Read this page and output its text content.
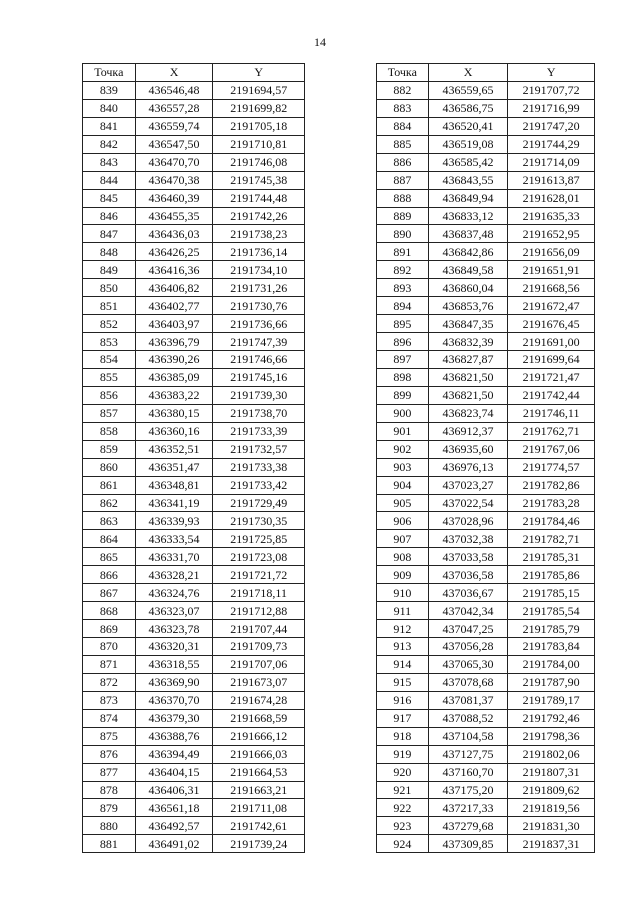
14
Точка	X	Y
839	436546,48	2191694,57
840	436557,28	2191699,82
841	436559,74	2191705,18
842	436547,50	2191710,81
843	436470,70	2191746,08
844	436470,38	2191745,38
845	436460,39	2191744,48
846	436455,35	2191742,26
847	436436,03	2191738,23
848	436426,25	2191736,14
849	436416,36	2191734,10
850	436406,82	2191731,26
851	436402,77	2191730,76
852	436403,97	2191736,66
853	436396,79	2191747,39
854	436390,26	2191746,66
855	436385,09	2191745,16
856	436383,22	2191739,30
857	436380,15	2191738,70
858	436360,16	2191733,39
859	436352,51	2191732,57
860	436351,47	2191733,38
861	436348,81	2191733,42
862	436341,19	2191729,49
863	436339,93	2191730,35
864	436333,54	2191725,85
865	436331,70	2191723,08
866	436328,21	2191721,72
867	436324,76	2191718,11
868	436323,07	2191712,88
869	436323,78	2191707,44
870	436320,31	2191709,73
871	436318,55	2191707,06
872	436369,90	2191673,07
873	436370,70	2191674,28
874	436379,30	2191668,59
875	436388,76	2191666,12
876	436394,49	2191666,03
877	436404,15	2191664,53
878	436406,31	2191663,21
879	436561,18	2191711,08
880	436492,57	2191742,61
881	436491,02	2191739,24
Точка	X	Y
882	436559,65	2191707,72
883	436586,75	2191716,99
884	436520,41	2191747,20
885	436519,08	2191744,29
886	436585,42	2191714,09
887	436843,55	2191613,87
888	436849,94	2191628,01
889	436833,12	2191635,33
890	436837,48	2191652,95
891	436842,86	2191656,09
892	436849,58	2191651,91
893	436860,04	2191668,56
894	436853,76	2191672,47
895	436847,35	2191676,45
896	436832,39	2191691,00
897	436827,87	2191699,64
898	436821,50	2191721,47
899	436821,50	2191742,44
900	436823,74	2191746,11
901	436912,37	2191762,71
902	436935,60	2191767,06
903	436976,13	2191774,57
904	437023,27	2191782,86
905	437022,54	2191783,28
906	437028,96	2191784,46
907	437032,38	2191782,71
908	437033,58	2191785,31
909	437036,58	2191785,86
910	437036,67	2191785,15
911	437042,34	2191785,54
912	437047,25	2191785,79
913	437056,28	2191783,84
914	437065,30	2191784,00
915	437078,68	2191787,90
916	437081,37	2191789,17
917	437088,52	2191792,46
918	437104,58	2191798,36
919	437127,75	2191802,06
920	437160,70	2191807,31
921	437175,20	2191809,62
922	437217,33	2191819,56
923	437279,68	2191831,30
924	437309,85	2191837,31
